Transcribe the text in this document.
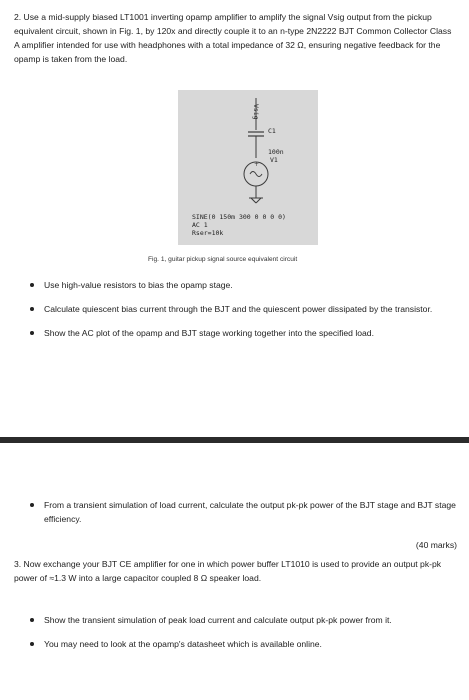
2. Use a mid-supply biased LT1001 inverting opamp amplifier to amplify the signal Vsig output from the pickup equivalent circuit, shown in Fig. 1, by 120x and directly couple it to an n-type 2N2222 BJT Common Collector Class A amplifier intended for use with headphones with a total impedance of 32 Ω, ensuring negative feedback for the opamp is taken from the load.
+
Vsig
C1
100n
V1
SINE(0 150m 300 0 0 0 0)
AC 1
Rser=10k
Fig. 1, guitar pickup signal source equivalent circuit
Use high-value resistors to bias the opamp stage.
Calculate quiescent bias current through the BJT and the quiescent power dissipated by the transistor.
Show the AC plot of the opamp and BJT stage working together into the specified load.
From a transient simulation of load current, calculate the output pk-pk power of the BJT stage and BJT stage efficiency.
(40 marks)
3. Now exchange your BJT CE amplifier for one in which power buffer LT1010 is used to provide an output pk-pk power of ≈1.3 W into a large capacitor coupled 8 Ω speaker load.
Show the transient simulation of peak load current and calculate output pk-pk power from it.
You may need to look at the opamp's datasheet which is available online.
